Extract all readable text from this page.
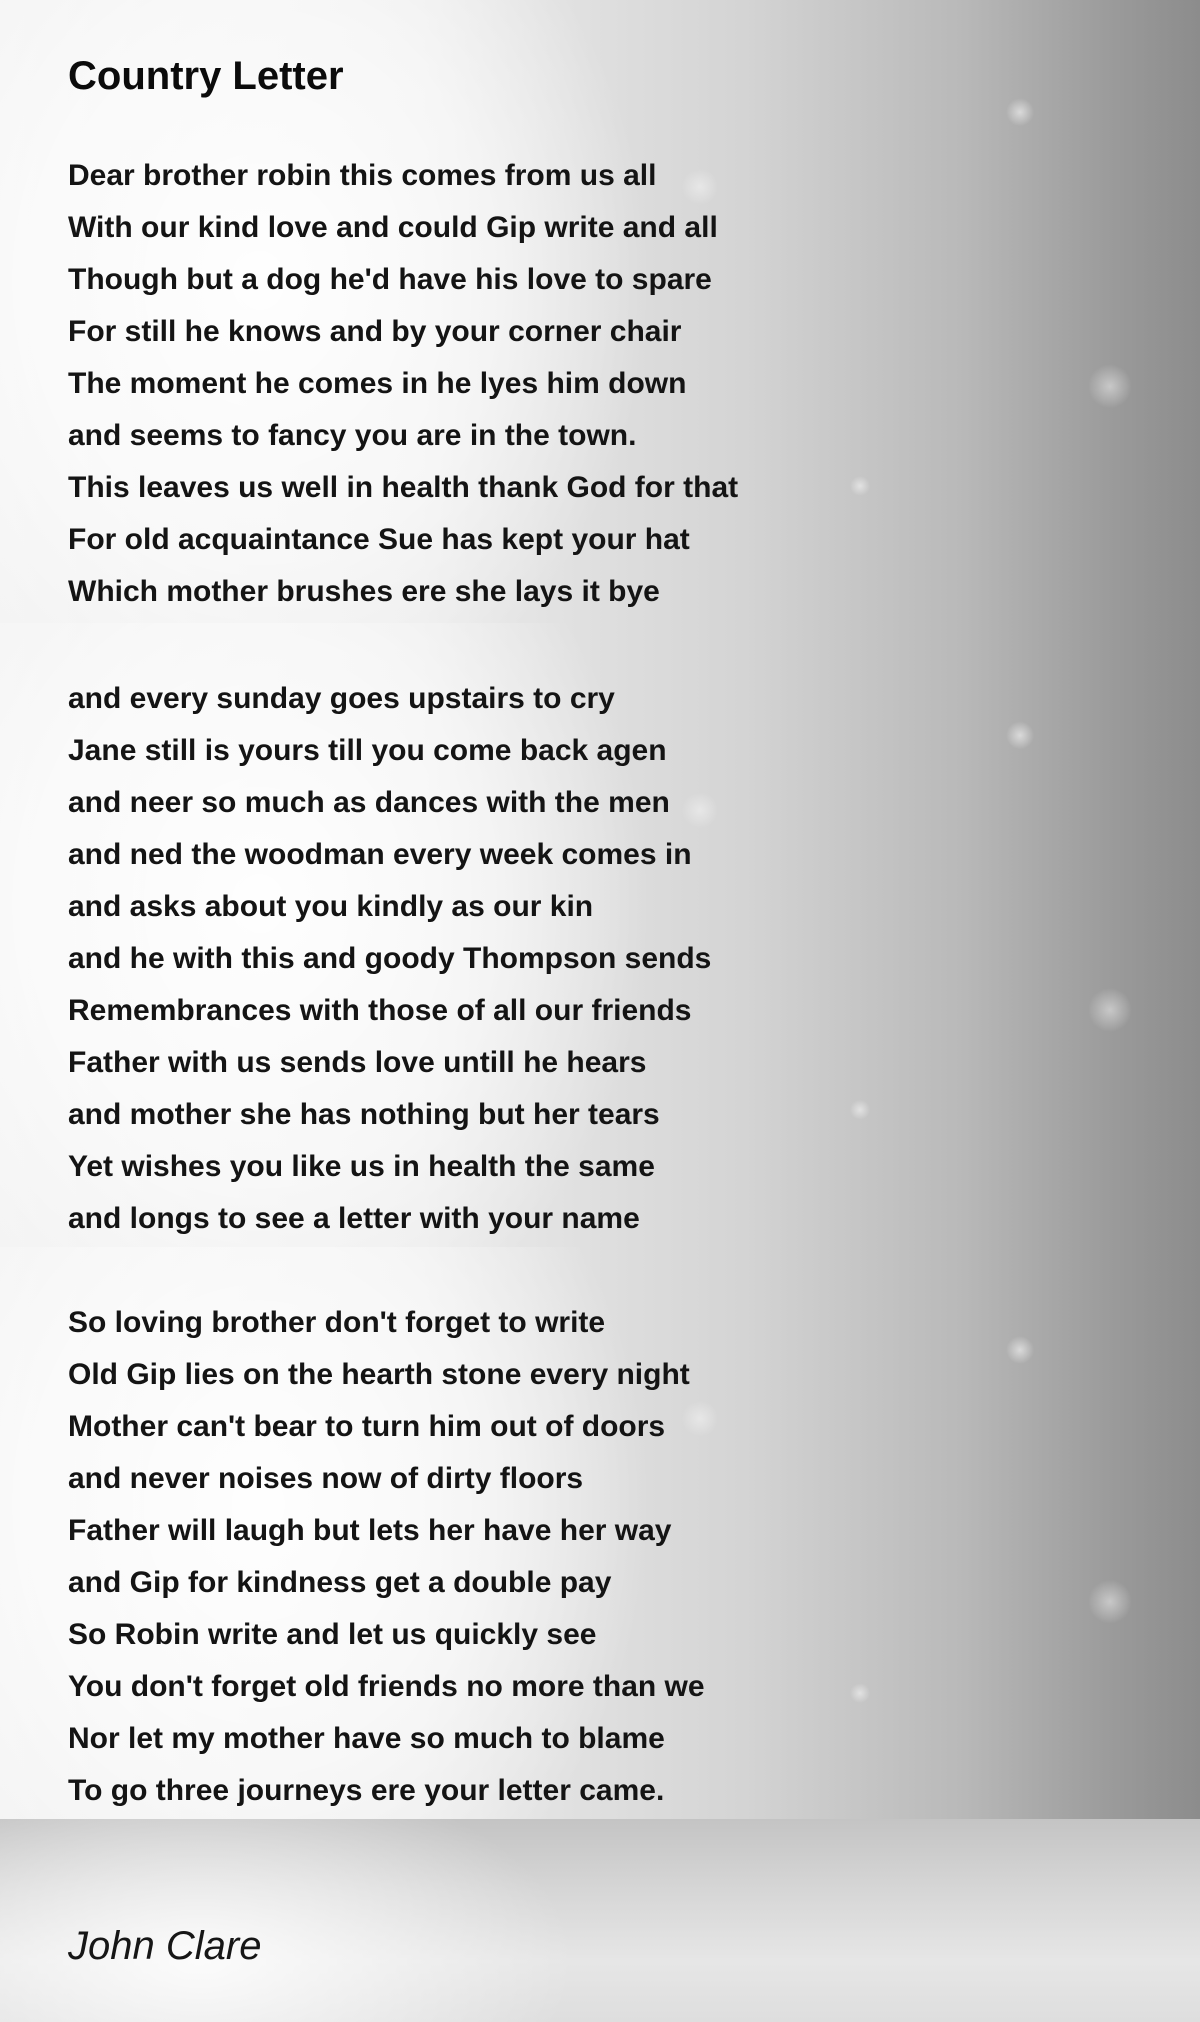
Country Letter
Dear brother robin this comes from us all
With our kind love and could Gip write and all
Though but a dog he'd have his love to spare
For still he knows and by your corner chair
The moment he comes in he lyes him down
and seems to fancy you are in the town.
This leaves us well in health thank God for that
For old acquaintance Sue has kept your hat
Which mother brushes ere she lays it bye
and every sunday goes upstairs to cry
Jane still is yours till you come back agen
and neer so much as dances with the men
and ned the woodman every week comes in
and asks about you kindly as our kin
and he with this and goody Thompson sends
Remembrances with those of all our friends
Father with us sends love untill he hears
and mother she has nothing but her tears
Yet wishes you like us in health the same
and longs to see a letter with your name
So loving brother don't forget to write
Old Gip lies on the hearth stone every night
Mother can't bear to turn him out of doors
and never noises now of dirty floors
Father will laugh but lets her have her way
and Gip for kindness get a double pay
So Robin write and let us quickly see
You don't forget old friends no more than we
Nor let my mother have so much to blame
To go three journeys ere your letter came.

John Clare
